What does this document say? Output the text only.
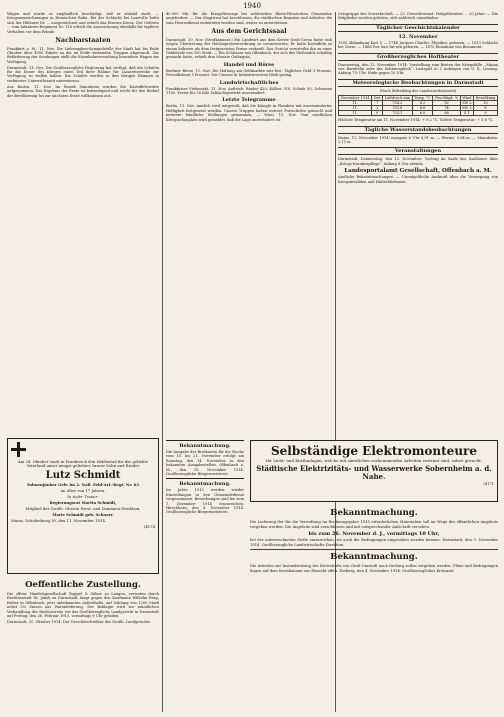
1940

Wagen und wurde so empfindlich beschädigt, daß er alsbald starb. — Kriegsauszeichnungen in Hessischen Ruhn. Bei der Schlacht bei Lunéville hatte sich der Hilfsarzt Dr. ... ausgezeichnet und erhielt das Eiserne Kreuz. Der Gefreite ... vom Infanterie-Regiment Nr. 118 erhielt die Auszeichnung ebenfalls für tapferes Verhalten vor dem Feinde.

Nachbarstaaten

Frankfurt a. M., 11. Nov. Die Liebesgaben-Sammelstelle der Stadt hat bis Ende Oktober über 4000 Pakete an die im Felde stehenden Truppen abgesandt. Zur Beförderung der Sendungen stellt die Eisenbahnverwaltung besondere Wagen zur Verfügung.

Darmstadt, 11. Nov. Die Großherzogliche Regierung hat verfügt, daß die Schulen für die Dauer des Krieges einen Teil ihrer Räume für Lazarettzwecke zur Verfügung zu stellen haben. Die Schüler werden in den übrigen Räumen in verkürzter Unterrichtszeit unterwiesen.

Aus Baden, 11. Nov. Im Bezirk Mannheim wurden die Kartoffelvorräte aufgenommen. Das Ergebnis der Ernte ist befriedigend und reicht für den Bedarf der Bevölkerung bis zur nächsten Ernte vollkommen aus.

40.000 Mk. für die Kriegsfürsorge bei zahlreichen Rhein-Hessischen Gemeinden angefordert. — Der Magistrat hat beschlossen, die städtischen Beamten und Arbeiter, die zum Heeresdienst einberufen worden sind, weiter zu unterstützen.

Aus dem Gerichtssaal

Darmstadt, 10. Nov. (Strafkammer.) Ein Landwirt aus dem Kreise Groß-Gerau hatte sich wegen Übertretung der Höchstpreisverordnung zu verantworten. Er hatte Kartoffeln zu einem höheren als dem festgesetzten Preise verkauft. Das Gericht verurteilte ihn zu einer Geldstrafe von 100 Mark. — Ein Schlosser aus Offenbach, der sich des Diebstahls schuldig gemacht hatte, erhielt drei Monate Gefängnis.

Handel und Börse

Berliner Börse, 11. Nov. Die Haltung am Geldmarkte war fest. Tägliches Geld 5 Prozent. Privatdiskont 5 Prozent. Der Umsatz in Industriewerten blieb gering.

Landwirtschaftliches

Frankfurter Viehmarkt, 11. Nov. Auftrieb: Rinder 420, Kälber 310, Schafe 95, Schweine 1100. Preise für 50 Kilo Schlachtgewicht unverändert.

Letzte Telegramme

Berlin, 11. Nov. Amtlich wird mitgeteilt, daß die Kämpfe in Flandern mit unverminderter Heftigkeit fortgesetzt werden. Unsere Truppen haben weitere Fortschritte gemacht und mehrere feindliche Stellungen genommen. — Wien, 11. Nov. Vom nördlichen Kriegsschauplatz wird gemeldet, daß die Lage unverändert ist.

Ortsgruppe der Gewerkschaft. — 23. Gewerbestand: Hofgutbesitzer ... 20 Jahre. — Die Mitglieder werden gebeten, sich zahlreich einzufinden.

Täglicher Geschichtskalender
12. November

1555 Abdankung Karl V. — 1746 Jacques Charles, Physiker, geboren. — 1813 Schlacht bei Gorze. — 1866 Der Sun Yat-sen geboren. — 1870 Einnahme von Beaumont.

Großherzogliches Hoftheater

Donnerstag, den 12. November 1914: Vorstellung zum Besten der Kriegshilfe. „Minna von Barnhelm oder das Soldatenglück“. Lustspiel in 5 Aufzügen von G. E. Lessing. Anfang 7½ Uhr. Ende gegen 10 Uhr.

Meteorologische Beobachtungen in Darmstadt

(Nach Mitteilung der Landeswetterwarte)

November 1914	Zeit	Luftdruck mm	Temp. °C	Feuchtigk. %	Wind	Bewölkung
11.	7	754.2	4.2	92	SW 2	10
11.	2	753.8	8.6	74	SW 3	8
11.	9	753.1	6.0	88	S 1	9

Höchste Temperatur am 11. November 1914: + 9.2 °C. Tiefste Temperatur: + 3.8 °C.

Tägliche Wasserstandsbeobachtungen

Mainz, 12. November 1914: morgens 6 Uhr 0,91 m. — Worms: 0,64 m. — Mannheim: 2,15 m.

Veranstaltungen

Darmstadt, Donnerstag, den 12. November: Vortrag im Saale des Saalbaues über „Kriegs-Krankenpflege“. Anfang 8 Uhr abends.

Landesportalamt Gesellschaft, Offenbach a. M.

Amtliche Bekanntmachungen. — Unentgeltliche Auskunft über die Versorgung von Kriegsinvaliden und Hinterbliebenen.

Am 28. Oktober starb in Frankreich den Heldentod für das geliebte Vaterland unser innigst geliebter, braver Sohn und Bruder

Lutz Schmidt

Fahnenjunker Gefr. im 2. Naß. Feld-Art.-Regt. Nr. 63

im Alter von 17 Jahren.

In tiefer Trauer:

Regierungsrat Martin Schmidt,

Mitglied der Großh. Oberen Forst- und Domänen-Direktion,

Marie Schmidt geb. Schnorr.

Mainz, Schulenburg 30, den 11. November 1914.

(4174

Oeffentliche Zustellung.

Die offene Handelsgesellschaft Ruppel & Söhne zu Langen, vertreten durch Rechtsanwalt Dr. Jakob zu Darmstadt, klagt gegen den Kaufmann Wilhelm Berg, früher in Offenbach, jetzt unbekannten Aufenthalts, auf Zahlung von 1200 Mark nebst 5% Zinsen aus Warenlieferung. Der Beklagte wird zur mündlichen Verhandlung des Rechtsstreits vor das Großherzogliche Landgericht in Darmstadt auf Freitag, den 26. Februar 1915, vormittags 9 Uhr geladen.

Darmstadt, 31. Oktober 1914. Der Gerichtsschreiber des Großh. Landgerichts.

Bekanntmachung.

Die Ausgabe der Brotkarten für die Woche vom 15. bis 21. November erfolgt am Samstag, den 14. November, in den bekannten Ausgabestellen. Offenbach a. M., den 10. November 1914. Großherzogliche Bürgermeisterei.

Bekanntmachung.

Im Jahre 1915 werden wieder Einstellungen in den Gemeindedienst vorgenommen. Bewerbungen sind bis zum 1. Dezember 1914 einzureichen. Hirschhorn, den 4. November 1914. Großherzogliche Bürgermeisterei.

Selbständige Elektromonteure

für Licht- und Kraftanlagen, welche mit sämtlichen vorkommenden Arbeiten vertraut sind, sofort gesucht.

Städtische Elektrizitäts- und Wasserwerke Sobernheim a. d. Nahe.
(4171
Bekanntmachung.

Die Lieferung der für die Verwaltung im Rechnungsjahre 1915 erforderlichen Materialien soll im Wege des öffentlichen Angebots vergeben werden. Die Angebote sind verschlossen und mit entsprechender Aufschrift versehen

bis zum 26. November d. J., vormittags 10 Uhr,

bei der unterzeichneten Stelle einzureichen, wo auch die Bedingungen eingesehen werden können. Darmstadt, den 9. November 1914. Großherzogliche Landwirtschafts-Direktion.

Bekanntmachung.

Die Arbeiten zur Instandsetzung der Kreisstraße von Groß-Umstadt nach Dieburg sollen vergeben werden. Pläne und Bedingungen liegen auf dem Kreisbauamt zur Einsicht offen. Dieburg, den 4. November 1914. Großherzogliches Kreisamt.
